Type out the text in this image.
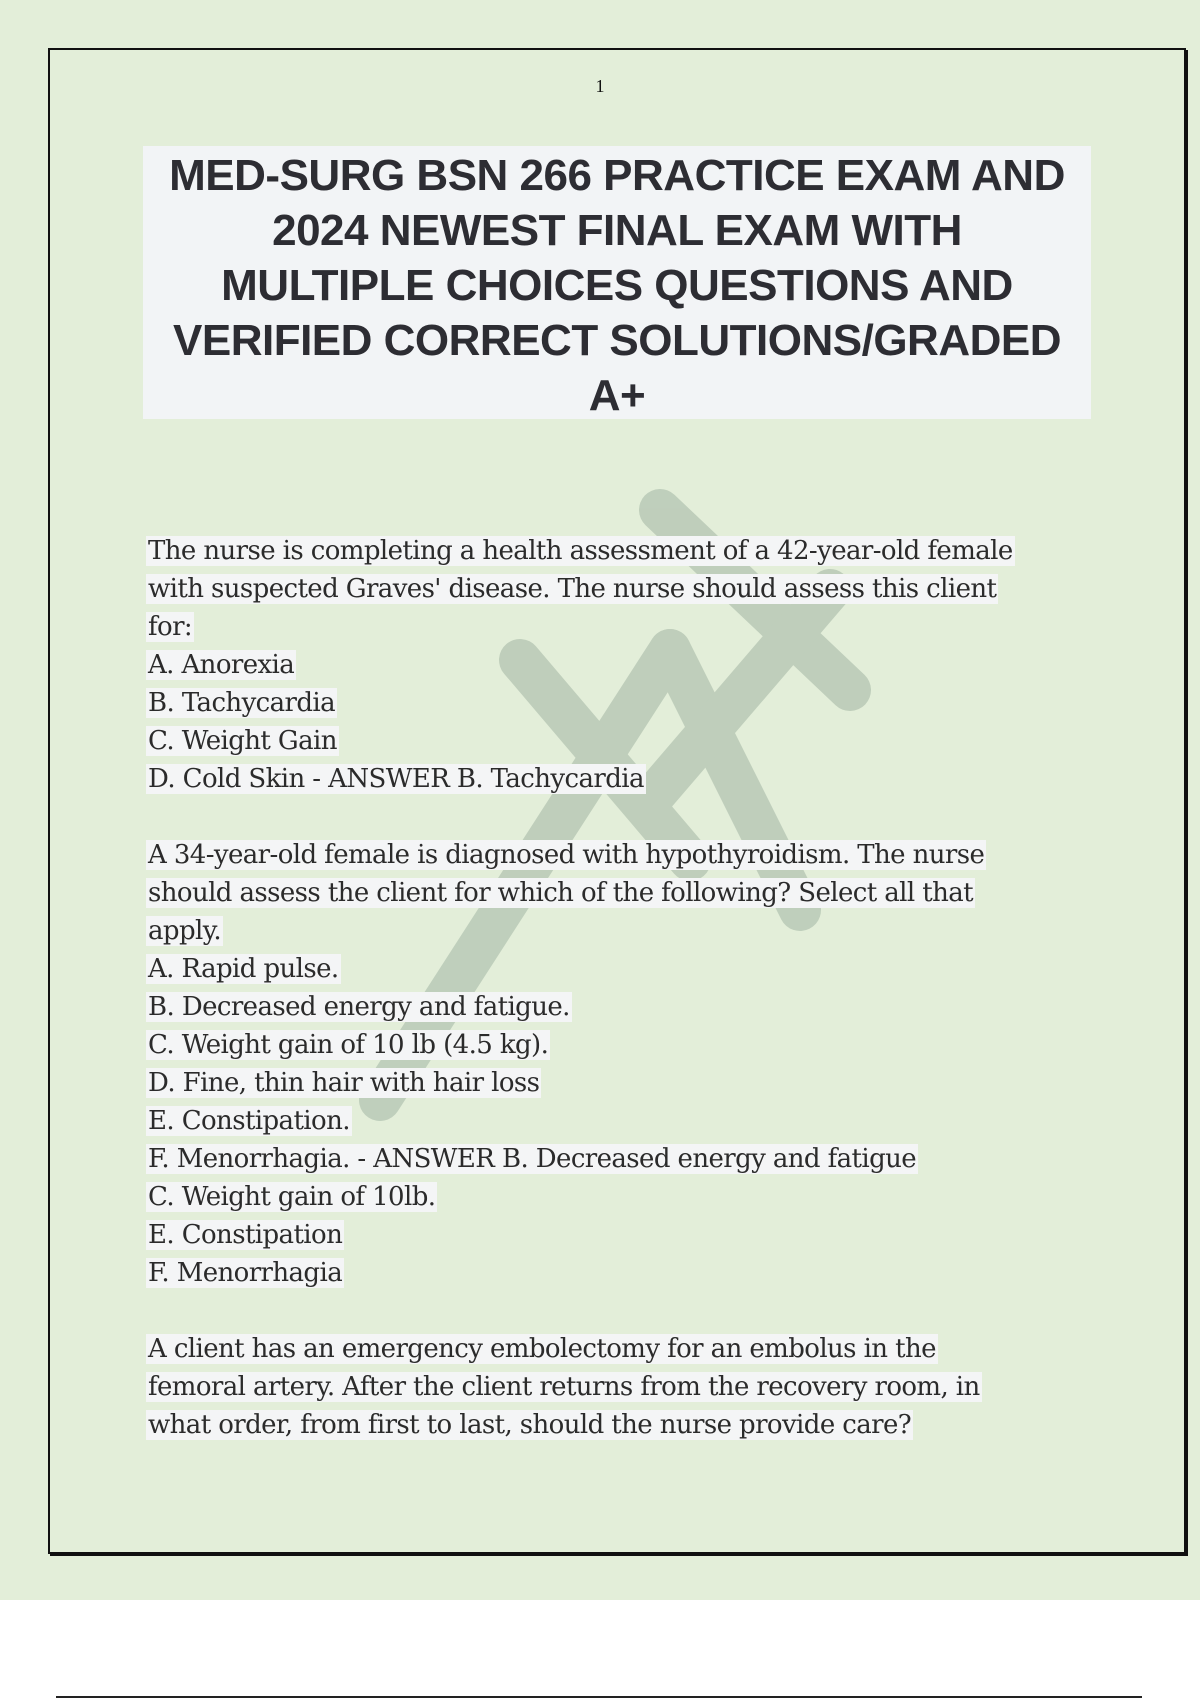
1
MED-SURG BSN 266 PRACTICE EXAM AND
2024 NEWEST FINAL EXAM WITH
MULTIPLE CHOICES QUESTIONS AND
VERIFIED CORRECT SOLUTIONS/GRADED
A+
The nurse is completing a health assessment of a 42-year-old female
with suspected Graves' disease. The nurse should assess this client
for:
A. Anorexia
B. Tachycardia
C. Weight Gain
D. Cold Skin - ANSWER B. Tachycardia
A 34-year-old female is diagnosed with hypothyroidism. The nurse
should assess the client for which of the following? Select all that
apply.
A. Rapid pulse.
B. Decreased energy and fatigue.
C. Weight gain of 10 lb (4.5 kg).
D. Fine, thin hair with hair loss
E. Constipation.
F. Menorrhagia. - ANSWER B. Decreased energy and fatigue
C. Weight gain of 10lb.
E. Constipation
F. Menorrhagia
A client has an emergency embolectomy for an embolus in the
femoral artery. After the client returns from the recovery room, in
what order, from first to last, should the nurse provide care?
